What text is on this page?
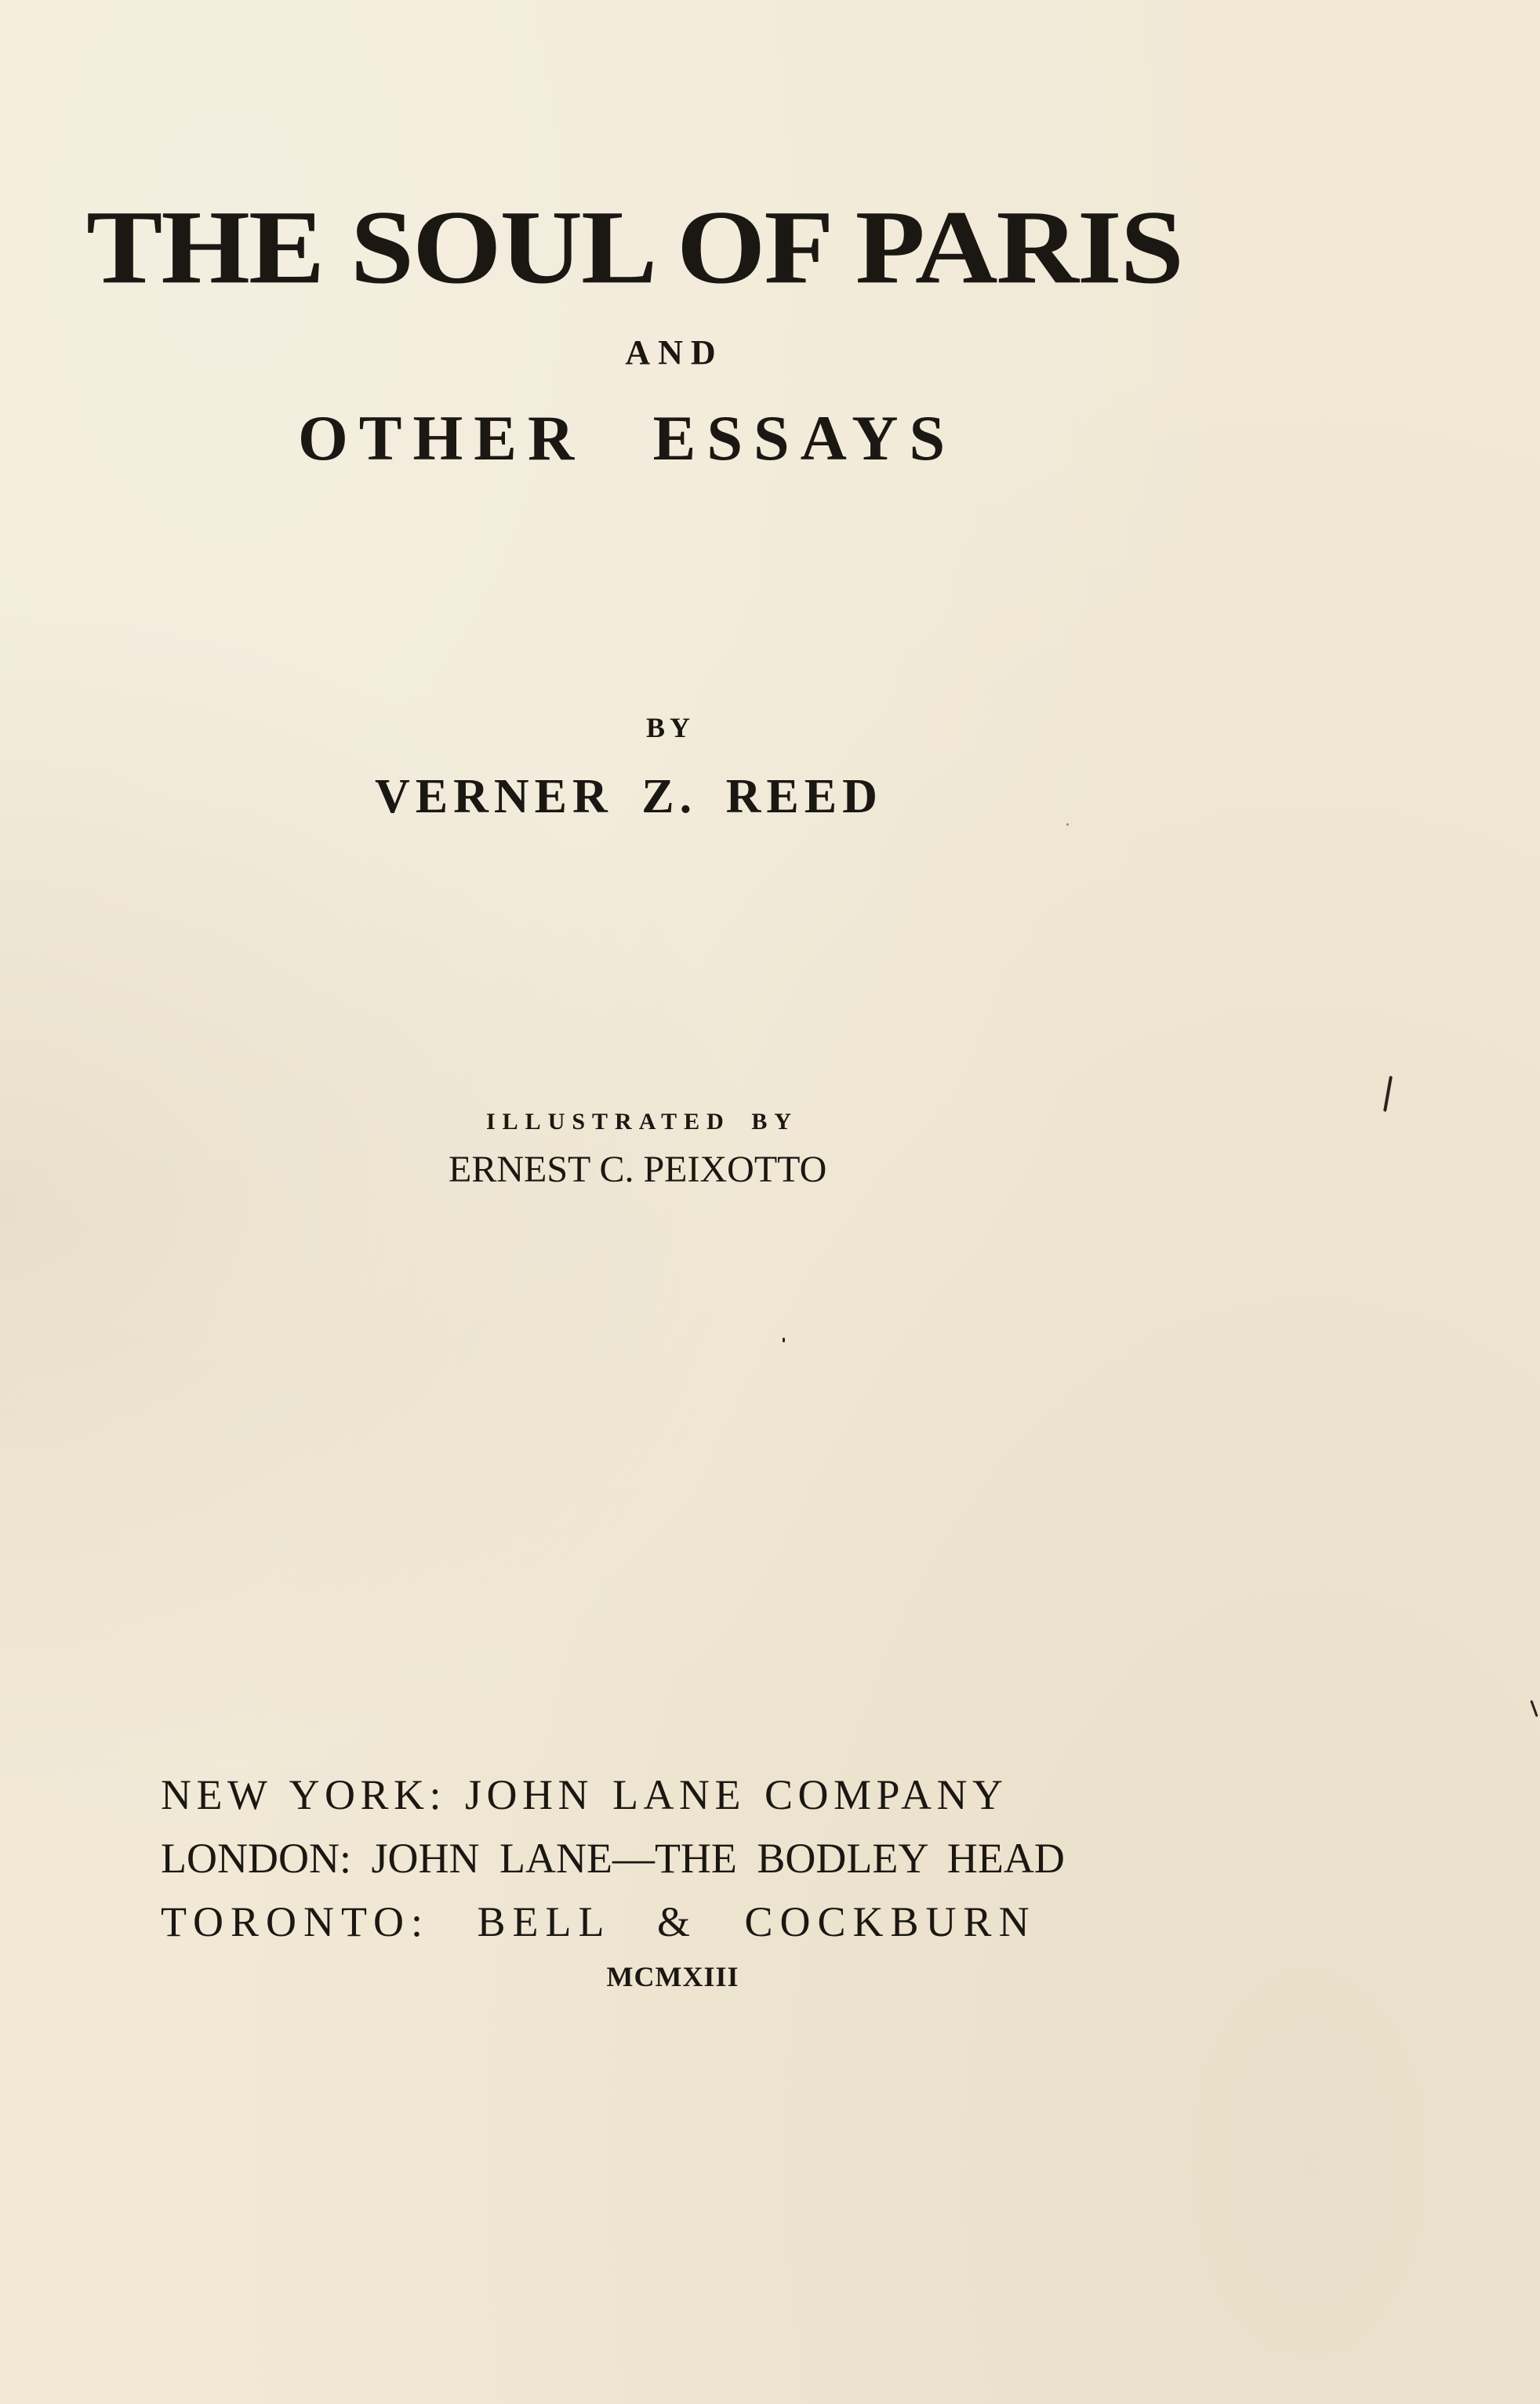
THE SOUL OF PARIS
AND
OTHER ESSAYS
BY
VERNER Z. REED
ILLUSTRATED BY
ERNEST C. PEIXOTTO
NEW YORK: JOHN LANE COMPANY
LONDON: JOHN LANE—THE BODLEY HEAD
TORONTO: BELL & COCKBURN
MCMXIII
